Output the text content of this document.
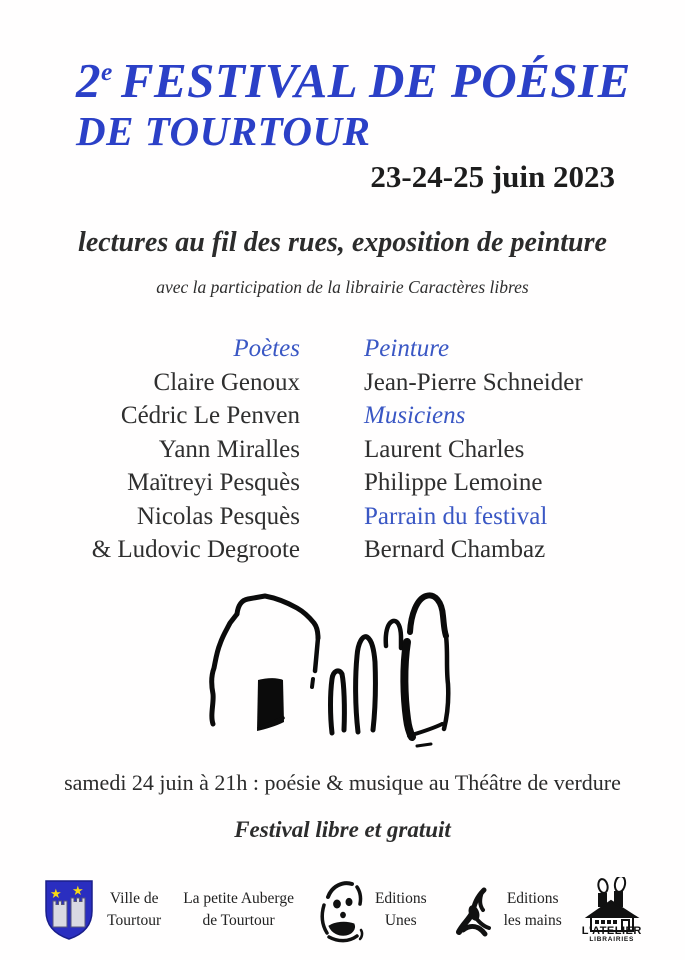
2e FESTIVAL DE POÉSIE
DE TOURTOUR
23-24-25 juin 2023
lectures au fil des rues, exposition de peinture
avec la participation de la librairie Caractères libres
Poètes
Claire Genoux
Cédric Le Penven
Yann Miralles
Maïtreyi Pesquès
Nicolas Pesquès
& Ludovic Degroote
Peinture
Jean-Pierre Schneider
Musiciens
Laurent Charles
Philippe Lemoine
Parrain du festival
Bernard Chambaz
samedi 24 juin à 21h : poésie & musique au Théâtre de verdure
Festival libre et gratuit
★ ★ Ville de
Tourtour
La petite Auberge
de Tourtour
Editions
Unes
Editions
les mains
L'ATELIER
LIBRAIRIES
